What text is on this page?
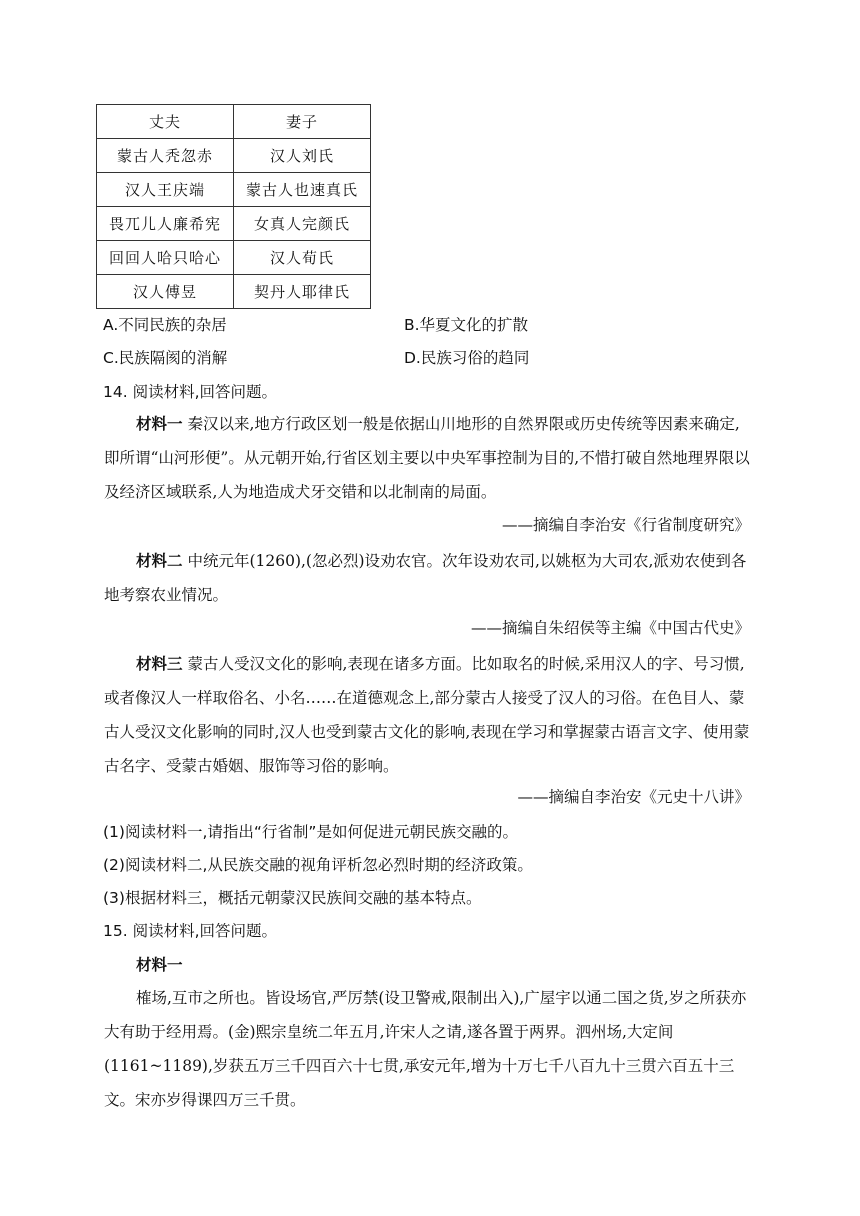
丈夫	妻子
蒙古人秃忽赤	汉人刘氏
汉人王庆端	蒙古人也速真氏
畏兀儿人廉希宪	女真人完颜氏
回回人哈只哈心	汉人荀氏
汉人傅昱	契丹人耶律氏
A.不同民族的杂居	B.华夏文化的扩散
C.民族隔阂的消解	D.民族习俗的趋同
14. 阅读材料,回答问题。
材料一 秦汉以来,地方行政区划一般是依据山川地形的自然界限或历史传统等因素来确定,即所谓“山河形便”。从元朝开始,行省区划主要以中央军事控制为目的,不惜打破自然地理界限以及经济区域联系,人为地造成犬牙交错和以北制南的局面。
——摘编自李治安《行省制度研究》
材料二 中统元年(1260),(忽必烈)设劝农官。次年设劝农司,以姚枢为大司农,派劝农使到各地考察农业情况。
——摘编自朱绍侯等主编《中国古代史》
材料三 蒙古人受汉文化的影响,表现在诸多方面。比如取名的时候,采用汉人的字、号习惯,或者像汉人一样取俗名、小名……在道德观念上,部分蒙古人接受了汉人的习俗。在色目人、蒙古人受汉文化影响的同时,汉人也受到蒙古文化的影响,表现在学习和掌握蒙古语言文字、使用蒙古名字、受蒙古婚姻、服饰等习俗的影响。
——摘编自李治安《元史十八讲》
(1)阅读材料一,请指出“行省制”是如何促进元朝民族交融的。
(2)阅读材料二,从民族交融的视角评析忽必烈时期的经济政策。
(3)根据材料三，概括元朝蒙汉民族间交融的基本特点。
15. 阅读材料,回答问题。
材料一
榷场,互市之所也。皆设场官,严厉禁(设卫警戒,限制出入),广屋宇以通二国之货,岁之所获亦大有助于经用焉。(金)熙宗皇统二年五月,许宋人之请,遂各置于两界。泗州场,大定间(1161~1189),岁获五万三千四百六十七贯,承安元年,增为十万七千八百九十三贯六百五十三文。宋亦岁得课四万三千贯。
